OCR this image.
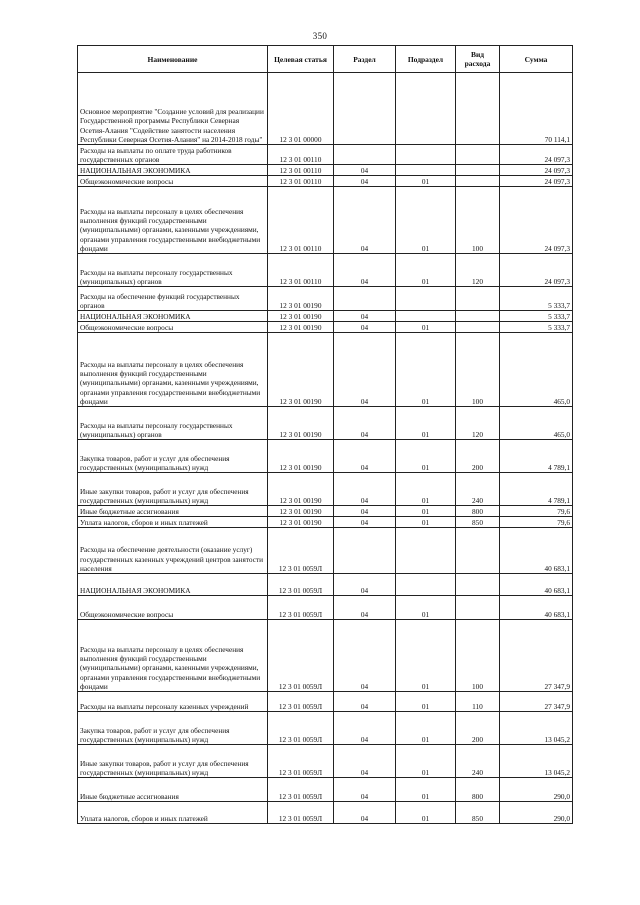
350
Наименование	Целевая статья	Раздел	Подраздел	Вид расхода	Сумма
Основное мероприятие "Создание условий для реализации Государственной программы Республики Северная Осетия-Алания "Содействие занятости населения Республики Северная Осетия-Алания" на 2014-2018 годы"	12 3 01 00000				70 114,1
Расходы на выплаты по оплате труда работников государственных органов	12 3 01 00110				24 097,3
НАЦИОНАЛЬНАЯ ЭКОНОМИКА	12 3 01 00110	04			24 097,3
Общеэкономические вопросы	12 3 01 00110	04	01		24 097,3
Расходы на выплаты персоналу в целях обеспечения выполнения функций государственными (муниципальными) органами, казенными учреждениями, органами управления государственными внебюджетными фондами	12 3 01 00110	04	01	100	24 097,3
Расходы на выплаты персоналу государственных (муниципальных) органов	12 3 01 00110	04	01	120	24 097,3
Расходы на обеспечение функций государственных органов	12 3 01 00190				5 333,7
НАЦИОНАЛЬНАЯ ЭКОНОМИКА	12 3 01 00190	04			5 333,7
Общеэкономические вопросы	12 3 01 00190	04	01		5 333,7
Расходы на выплаты персоналу в целях обеспечения выполнения функций государственными (муниципальными) органами, казенными учреждениями, органами управления государственными внебюджетными фондами	12 3 01 00190	04	01	100	465,0
Расходы на выплаты персоналу государственных (муниципальных) органов	12 3 01 00190	04	01	120	465,0
Закупка товаров, работ и услуг для обеспечения государственных (муниципальных) нужд	12 3 01 00190	04	01	200	4 789,1
Иные закупки товаров, работ и услуг для обеспечения государственных (муниципальных) нужд	12 3 01 00190	04	01	240	4 789,1
Иные бюджетные ассигнования	12 3 01 00190	04	01	800	79,6
Уплата налогов, сборов и иных платежей	12 3 01 00190	04	01	850	79,6
Расходы на обеспечение деятельности (оказание услуг) государственных казенных учреждений центров занятости населения	12 3 01 0059Л				40 683,1
НАЦИОНАЛЬНАЯ ЭКОНОМИКА	12 3 01 0059Л	04			40 683,1
Общеэкономические вопросы	12 3 01 0059Л	04	01		40 683,1
Расходы на выплаты персоналу в целях обеспечения выполнения функций государственными (муниципальными) органами, казенными учреждениями, органами управления государственными внебюджетными фондами	12 3 01 0059Л	04	01	100	27 347,9
Расходы на выплаты персоналу казенных учреждений	12 3 01 0059Л	04	01	110	27 347,9
Закупка товаров, работ и услуг для обеспечения государственных (муниципальных) нужд	12 3 01 0059Л	04	01	200	13 045,2
Иные закупки товаров, работ и услуг для обеспечения государственных (муниципальных) нужд	12 3 01 0059Л	04	01	240	13 045,2
Иные бюджетные ассигнования	12 3 01 0059Л	04	01	800	290,0
Уплата налогов, сборов и иных платежей	12 3 01 0059Л	04	01	850	290,0
